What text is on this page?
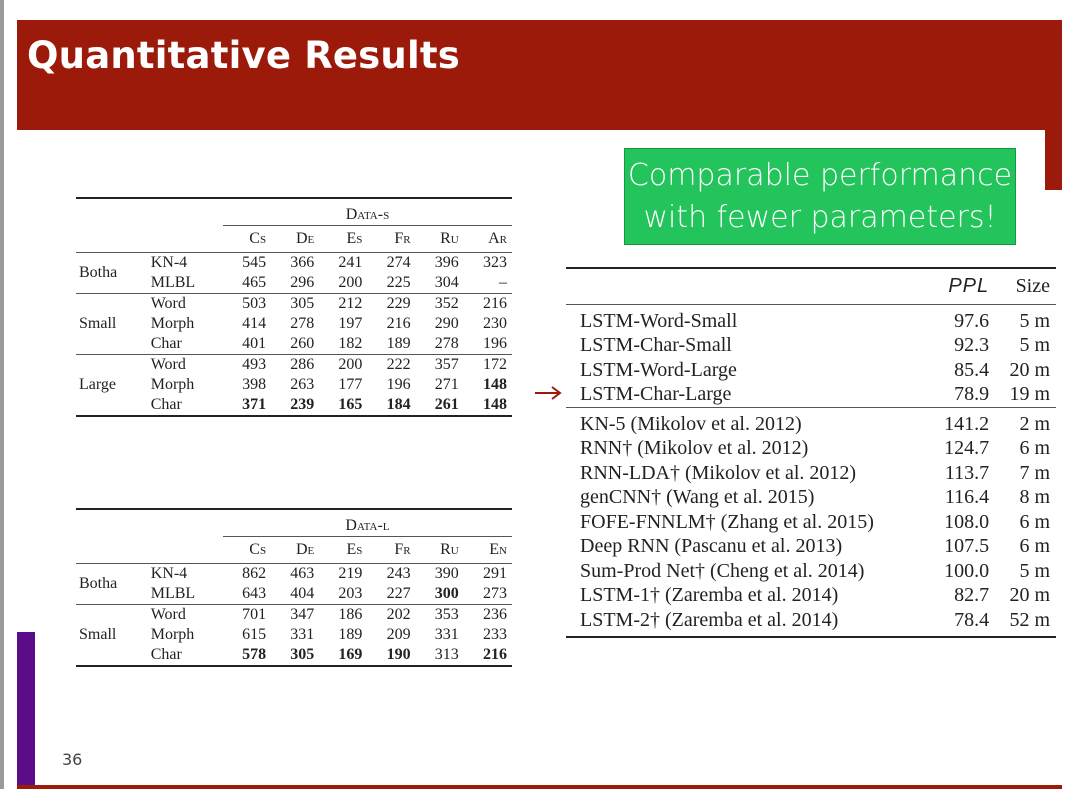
Quantitative Results
Comparable performance
with fewer parameters!
		Data-s					
		Cs	De	Es	Fr	Ru	Ar
Botha	KN-4	545	366	241	274	396	323
	MLBL	465	296	200	225	304	–
Small	Word	503	305	212	229	352	216
	Morph	414	278	197	216	290	230
	Char	401	260	182	189	278	196
Large	Word	493	286	200	222	357	172
	Morph	398	263	177	196	271	148
	Char	371	239	165	184	261	148
		Data-l					
		Cs	De	Es	Fr	Ru	En
Botha	KN-4	862	463	219	243	390	291
	MLBL	643	404	203	227	300	273
Small	Word	701	347	186	202	353	236
	Morph	615	331	189	209	331	233
	Char	578	305	169	190	313	216
	PPL	Size
LSTM-Word-Small	97.6	5 m
LSTM-Char-Small	92.3	5 m
LSTM-Word-Large	85.4	20 m
LSTM-Char-Large	78.9	19 m
KN-5 (Mikolov et al. 2012)	141.2	2 m
RNN† (Mikolov et al. 2012)	124.7	6 m
RNN-LDA† (Mikolov et al. 2012)	113.7	7 m
genCNN† (Wang et al. 2015)	116.4	8 m
FOFE-FNNLM† (Zhang et al. 2015)	108.0	6 m
Deep RNN (Pascanu et al. 2013)	107.5	6 m
Sum-Prod Net† (Cheng et al. 2014)	100.0	5 m
LSTM-1† (Zaremba et al. 2014)	82.7	20 m
LSTM-2† (Zaremba et al. 2014)	78.4	52 m
36
